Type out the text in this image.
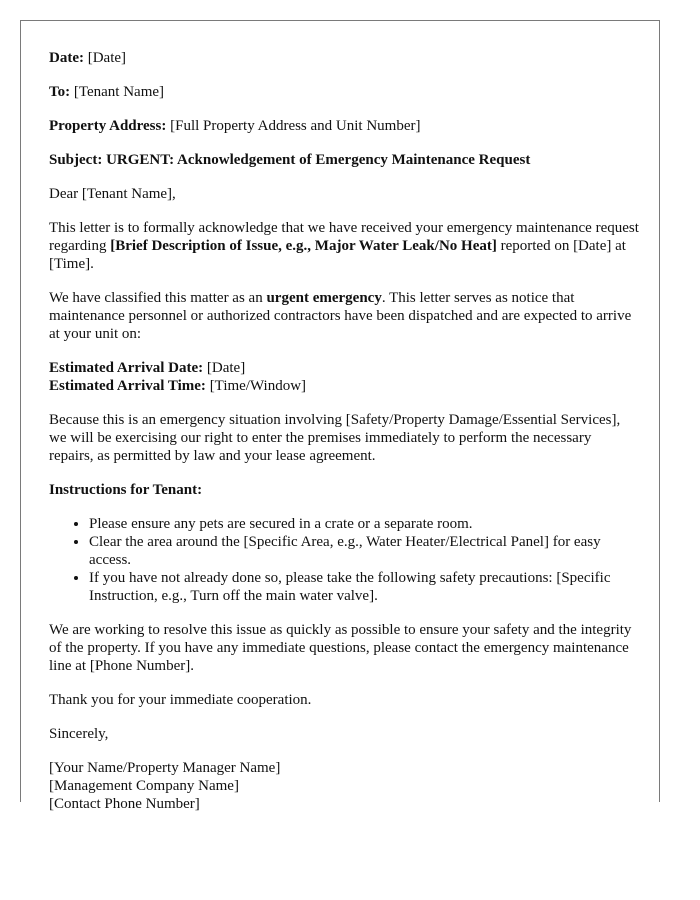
Date: [Date]

To: [Tenant Name]

Property Address: [Full Property Address and Unit Number]

Subject: URGENT: Acknowledgement of Emergency Maintenance Request

Dear [Tenant Name],

This letter is to formally acknowledge that we have received your emergency maintenance request regarding [Brief Description of Issue, e.g., Major Water Leak/No Heat] reported on [Date] at [Time].

We have classified this matter as an urgent emergency. This letter serves as notice that maintenance personnel or authorized contractors have been dispatched and are expected to arrive at your unit on:

Estimated Arrival Date: [Date]
Estimated Arrival Time: [Time/Window]

Because this is an emergency situation involving [Safety/Property Damage/Essential Services], we will be exercising our right to enter the premises immediately to perform the necessary repairs, as permitted by law and your lease agreement.

Instructions for Tenant:

• Please ensure any pets are secured in a crate or a separate room.
• Clear the area around the [Specific Area, e.g., Water Heater/Electrical Panel] for easy access.
• If you have not already done so, please take the following safety precautions: [Specific Instruction, e.g., Turn off the main water valve].

We are working to resolve this issue as quickly as possible to ensure your safety and the integrity of the property. If you have any immediate questions, please contact the emergency maintenance line at [Phone Number].

Thank you for your immediate cooperation.

Sincerely,

[Your Name/Property Manager Name]
[Management Company Name]
[Contact Phone Number]
